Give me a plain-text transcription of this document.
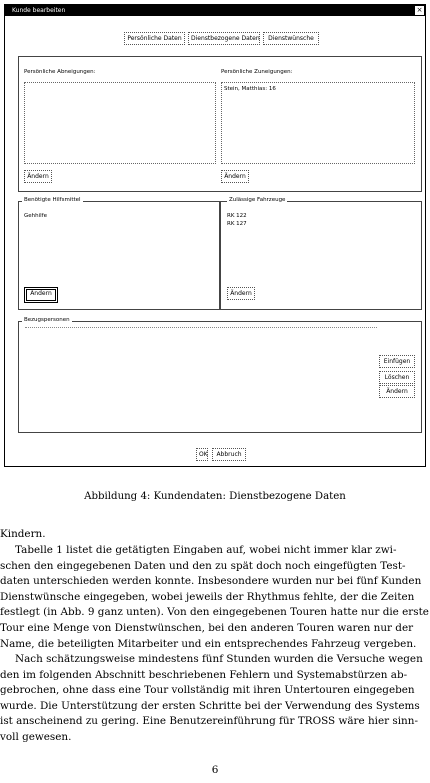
Kunde bearbeiten	×
Persönliche Daten	Dienstbezogene Daten	Dienstwünsche
Persönliche Abneigungen:	Persönliche Zuneigungen:
Stein, Matthias: 16
Ändern	Ändern
Benötigte Hilfsmittel
Gehhilfe
Ändern
Zulässige Fahrzeuge
RK 122
RK 127
Ändern
Bezugspersonen
Einfügen
Löschen
Ändern
OK	Abbruch
Abbildung 4: Kundendaten: Dienstbezogene Daten

Kindern.

Tabelle 1 listet die getätigten Eingaben auf, wobei nicht immer klar zwi-
schen den eingegebenen Daten und den zu spät doch noch eingefügten Test-
daten unterschieden werden konnte. Insbesondere wurden nur bei fünf Kunden
Dienstwünsche eingegeben, wobei jeweils der Rhythmus fehlte, der die Zeiten
festlegt (in Abb. 9 ganz unten). Von den eingegebenen Touren hatte nur die erste
Tour eine Menge von Dienstwünschen, bei den anderen Touren waren nur der
Name, die beteiligten Mitarbeiter und ein entsprechendes Fahrzeug vergeben.

Nach schätzungsweise mindestens fünf Stunden wurden die Versuche wegen
den im folgenden Abschnitt beschriebenen Fehlern und Systemabstürzen ab-
gebrochen, ohne dass eine Tour vollständig mit ihren Untertouren eingegeben
wurde. Die Unterstützung der ersten Schritte bei der Verwendung des Systems
ist anscheinend zu gering. Eine Benutzereinführung für TROSS wäre hier sinn-
voll gewesen.

6
